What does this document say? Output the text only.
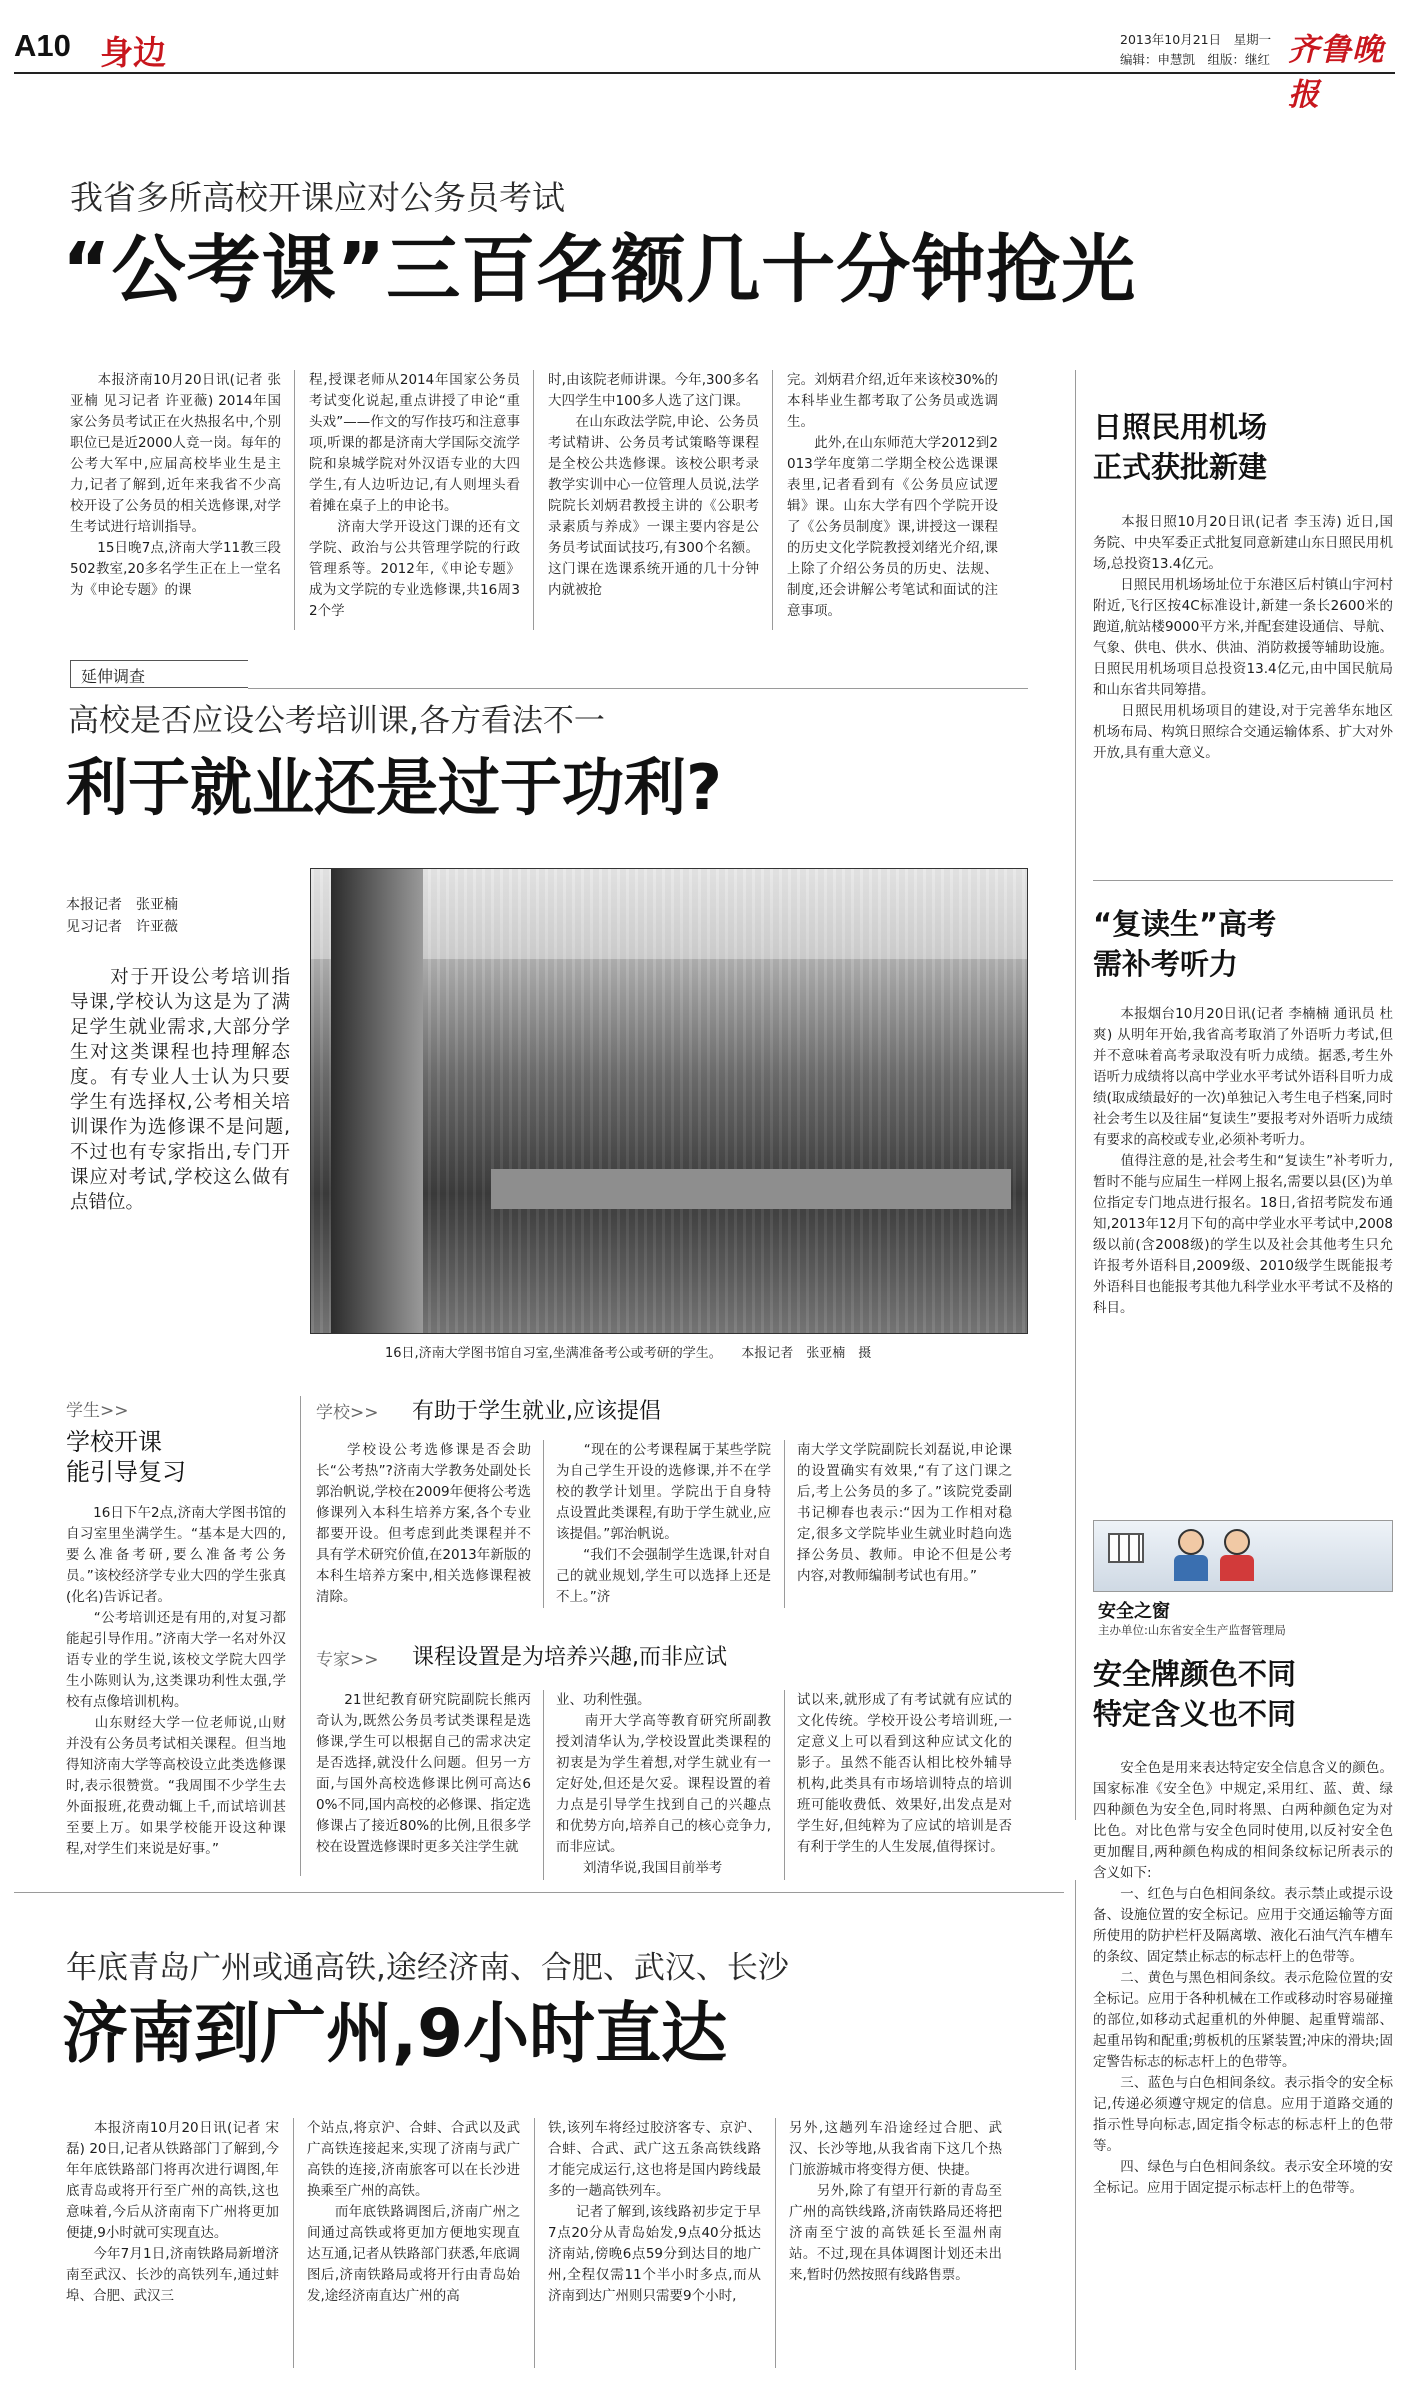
A10 身边	2013年10月21日　星期一
编辑：申慧凯　组版：继红 齐鲁晚报
我省多所高校开课应对公务员考试
“公考课”三百名额几十分钟抢光
　　本报济南10月20日讯(记者 张亚楠 见习记者 许亚薇) 2014年国家公务员考试正在火热报名中,个别职位已是近2000人竞一岗。每年的公考大军中,应届高校毕业生是主力,记者了解到,近年来我省不少高校开设了公务员的相关选修课,对学生考试进行培训指导。
　　15日晚7点,济南大学11教三段502教室,20多名学生正在上一堂名为《申论专题》的课
程,授课老师从2014年国家公务员考试变化说起,重点讲授了申论“重头戏”——作文的写作技巧和注意事项,听课的都是济南大学国际交流学院和泉城学院对外汉语专业的大四学生,有人边听边记,有人则埋头看着摊在桌子上的申论书。
　　济南大学开设这门课的还有文学院、政治与公共管理学院的行政管理系等。2012年,《申论专题》成为文学院的专业选修课,共16周32个学
时,由该院老师讲课。今年,300多名大四学生中100多人选了这门课。
　　在山东政法学院,申论、公务员考试精讲、公务员考试策略等课程是全校公共选修课。该校公职考录教学实训中心一位管理人员说,法学院院长刘炳君教授主讲的《公职考录素质与养成》一课主要内容是公务员考试面试技巧,有300个名额。这门课在选课系统开通的几十分钟内就被抢
完。刘炳君介绍,近年来该校30%的本科毕业生都考取了公务员或选调生。
　　此外,在山东师范大学2012到2013学年度第二学期全校公选课课表里,记者看到有《公务员应试逻辑》课。山东大学有四个学院开设了《公务员制度》课,讲授这一课程的历史文化学院教授刘绪光介绍,课上除了介绍公务员的历史、法规、制度,还会讲解公考笔试和面试的注意事项。
延伸调查
高校是否应设公考培训课,各方看法不一
利于就业还是过于功利?
本报记者　张亚楠
见习记者　许亚薇
　　对于开设公考培训指导课,学校认为这是为了满足学生就业需求,大部分学生对这类课程也持理解态度。有专业人士认为只要学生有选择权,公考相关培训课作为选修课不是问题,不过也有专家指出,专门开课应对考试,学校这么做有点错位。
16日,济南大学图书馆自习室,坐满准备考公或考研的学生。　　本报记者　张亚楠　摄
学生>>
学校开课
能引导复习
　　16日下午2点,济南大学图书馆的自习室里坐满学生。“基本是大四的,要么准备考研,要么准备考公务员。”该校经济学专业大四的学生张真(化名)告诉记者。
　　“公考培训还是有用的,对复习都能起引导作用。”济南大学一名对外汉语专业的学生说,该校文学院大四学生小陈则认为,这类课功利性太强,学校有点像培训机构。
　　山东财经大学一位老师说,山财并没有公务员考试相关课程。但当地得知济南大学等高校设立此类选修课时,表示很赞赏。“我周围不少学生去外面报班,花费动辄上千,而试培训甚至要上万。如果学校能开设这种课程,对学生们来说是好事。”
学校>> 有助于学生就业,应该提倡
　　学校设公考选修课是否会助长“公考热”?济南大学教务处副处长郭治帆说,学校在2009年便将公考选修课列入本科生培养方案,各个专业都要开设。但考虑到此类课程并不具有学术研究价值,在2013年新版的本科生培养方案中,相关选修课程被清除。
　　“现在的公考课程属于某些学院为自己学生开设的选修课,并不在学校的教学计划里。学院出于自身特点设置此类课程,有助于学生就业,应该提倡。”郭治帆说。
　　“我们不会强制学生选课,针对自己的就业规划,学生可以选择上还是不上。”济
南大学文学院副院长刘磊说,申论课的设置确实有效果,“有了这门课之后,考上公务员的多了。”该院党委副书记柳春也表示:“因为工作相对稳定,很多文学院毕业生就业时趋向选择公务员、教师。申论不但是公考内容,对教师编制考试也有用。”
专家>> 课程设置是为培养兴趣,而非应试
　　21世纪教育研究院副院长熊丙奇认为,既然公务员考试类课程是选修课,学生可以根据自己的需求决定是否选择,就没什么问题。但另一方面,与国外高校选修课比例可高达60%不同,国内高校的必修课、指定选修课占了接近80%的比例,且很多学校在设置选修课时更多关注学生就
业、功利性强。
　　南开大学高等教育研究所副教授刘清华认为,学校设置此类课程的初衷是为学生着想,对学生就业有一定好处,但还是欠妥。课程设置的着力点是引导学生找到自己的兴趣点和优势方向,培养自己的核心竞争力,而非应试。
　　刘清华说,我国目前举考
试以来,就形成了有考试就有应试的文化传统。学校开设公考培训班,一定意义上可以看到这种应试文化的影子。虽然不能否认相比校外辅导机构,此类具有市场培训特点的培训班可能收费低、效果好,出发点是对学生好,但纯粹为了应试的培训是否有利于学生的人生发展,值得探讨。
日照民用机场
正式获批新建
　　本报日照10月20日讯(记者 李玉涛) 近日,国务院、中央军委正式批复同意新建山东日照民用机场,总投资13.4亿元。
　　日照民用机场场址位于东港区后村镇山宇河村附近,飞行区按4C标准设计,新建一条长2600米的跑道,航站楼9000平方米,并配套建设通信、导航、气象、供电、供水、供油、消防救援等辅助设施。日照民用机场项目总投资13.4亿元,由中国民航局和山东省共同筹措。
　　日照民用机场项目的建设,对于完善华东地区机场布局、构筑日照综合交通运输体系、扩大对外开放,具有重大意义。
“复读生”高考
需补考听力
　　本报烟台10月20日讯(记者 李楠楠 通讯员 杜爽) 从明年开始,我省高考取消了外语听力考试,但并不意味着高考录取没有听力成绩。据悉,考生外语听力成绩将以高中学业水平考试外语科目听力成绩(取成绩最好的一次)单独记入考生电子档案,同时社会考生以及往届“复读生”要报考对外语听力成绩有要求的高校或专业,必须补考听力。
　　值得注意的是,社会考生和“复读生”补考听力,暂时不能与应届生一样网上报名,需要以县(区)为单位指定专门地点进行报名。18日,省招考院发布通知,2013年12月下旬的高中学业水平考试中,2008级以前(含2008级)的学生以及社会其他考生只允许报考外语科目,2009级、2010级学生既能报考外语科目也能报考其他九科学业水平考试不及格的科目。
安全之窗
主办单位:山东省安全生产监督管理局
安全牌颜色不同
特定含义也不同
　　安全色是用来表达特定安全信息含义的颜色。国家标准《安全色》中规定,采用红、蓝、黄、绿四种颜色为安全色,同时将黑、白两种颜色定为对比色。对比色常与安全色同时使用,以反衬安全色更加醒目,两种颜色构成的相间条纹标记所表示的含义如下:
　　一、红色与白色相间条纹。表示禁止或提示设备、设施位置的安全标记。应用于交通运输等方面所使用的防护栏杆及隔离墩、液化石油气汽车槽车的条纹、固定禁止标志的标志杆上的色带等。
　　二、黄色与黑色相间条纹。表示危险位置的安全标记。应用于各种机械在工作或移动时容易碰撞的部位,如移动式起重机的外伸腿、起重臂端部、起重吊钩和配重;剪板机的压紧装置;冲床的滑块;固定警告标志的标志杆上的色带等。
　　三、蓝色与白色相间条纹。表示指令的安全标记,传递必须遵守规定的信息。应用于道路交通的指示性导向标志,固定指令标志的标志杆上的色带等。
　　四、绿色与白色相间条纹。表示安全环境的安全标记。应用于固定提示标志杆上的色带等。
年底青岛广州或通高铁,途经济南、合肥、武汉、长沙
济南到广州,9小时直达
　　本报济南10月20日讯(记者 宋磊) 20日,记者从铁路部门了解到,今年年底铁路部门将再次进行调图,年底青岛或将开行至广州的高铁,这也意味着,今后从济南南下广州将更加便捷,9小时就可实现直达。
　　今年7月1日,济南铁路局新增济南至武汉、长沙的高铁列车,通过蚌埠、合肥、武汉三
个站点,将京沪、合蚌、合武以及武广高铁连接起来,实现了济南与武广高铁的连接,济南旅客可以在长沙进换乘至广州的高铁。
　　而年底铁路调图后,济南广州之间通过高铁或将更加方便地实现直达互通,记者从铁路部门获悉,年底调图后,济南铁路局或将开行由青岛始发,途经济南直达广州的高
铁,该列车将经过胶济客专、京沪、合蚌、合武、武广这五条高铁线路才能完成运行,这也将是国内跨线最多的一趟高铁列车。
　　记者了解到,该线路初步定于早7点20分从青岛始发,9点40分抵达济南站,傍晚6点59分到达目的地广州,全程仅需11个半小时多点,而从济南到达广州则只需要9个小时,
另外,这趟列车沿途经过合肥、武汉、长沙等地,从我省南下这几个热门旅游城市将变得方便、快捷。
　　另外,除了有望开行新的青岛至广州的高铁线路,济南铁路局还将把济南至宁波的高铁延长至温州南站。不过,现在具体调图计划还未出来,暂时仍然按照有线路售票。
